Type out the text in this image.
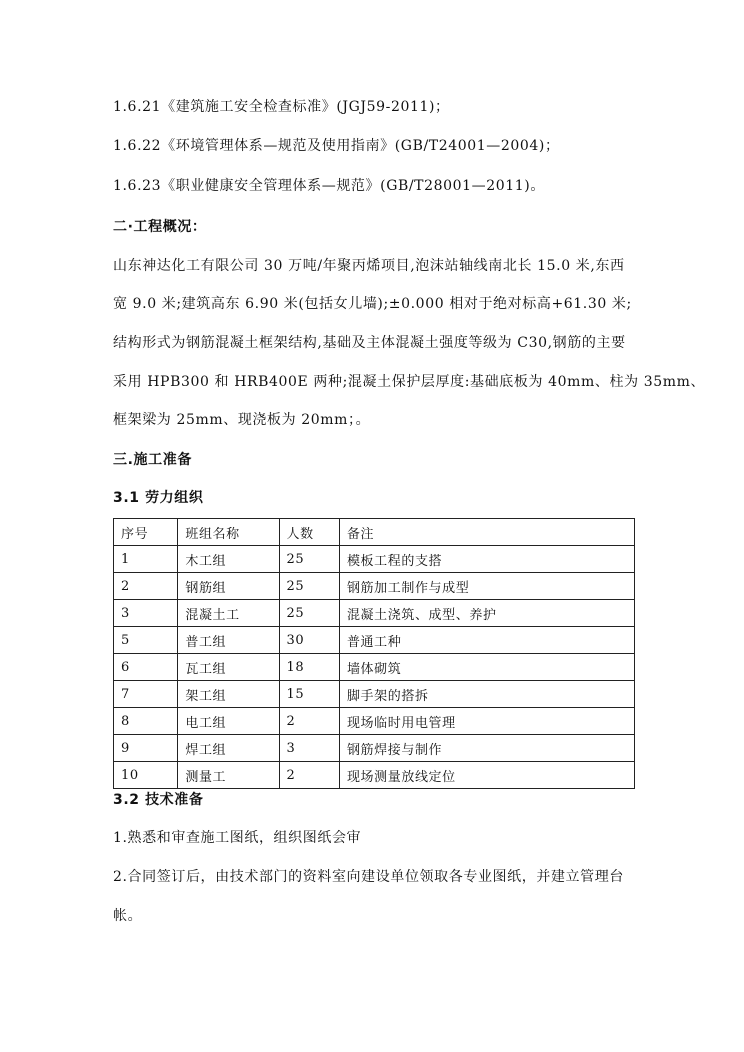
1.6.21《建筑施工安全检查标准》(JGJ59-2011)；
1.6.22《环境管理体系—规范及使用指南》(GB/T24001—2004)；
1.6.23《职业健康安全管理体系—规范》(GB/T28001—2011)。
二·工程概况：
山东神达化工有限公司 30 万吨/年聚丙烯项目,泡沫站轴线南北长 15.0 米,东西
宽 9.0 米;建筑高东 6.90 米(包括女儿墙);±0.000 相对于绝对标高+61.30 米;
结构形式为钢筋混凝土框架结构,基础及主体混凝土强度等级为 C30,钢筋的主要
采用 HPB300 和 HRB400E 两种;混凝土保护层厚度:基础底板为 40mm、柱为 35mm、
框架梁为 25mm、现浇板为 20mm；。
三.施工准备
3.1 劳力组织
序号	班组名称	人数	备注
1	木工组	25	模板工程的支搭
2	钢筋组	25	钢筋加工制作与成型
3	混凝土工	25	混凝土浇筑、成型、养护
5	普工组	30	普通工种
6	瓦工组	18	墙体砌筑
7	架工组	15	脚手架的搭拆
8	电工组	2	现场临时用电管理
9	焊工组	3	钢筋焊接与制作
10	测量工	2	现场测量放线定位
3.2 技术准备
1.熟悉和审查施工图纸，组织图纸会审
2.合同签订后，由技术部门的资料室向建设单位领取各专业图纸，并建立管理台
帐。
